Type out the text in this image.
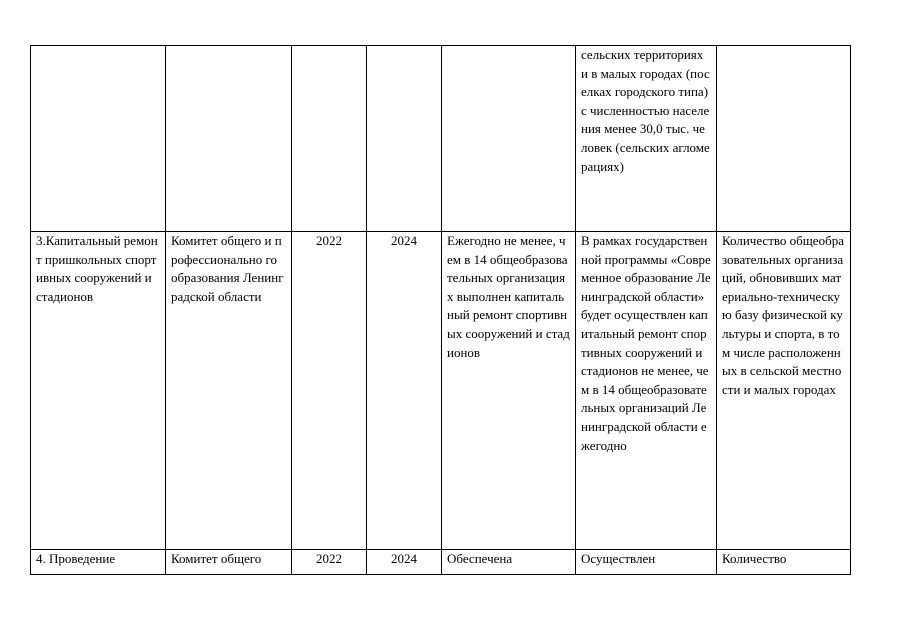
					сельских территориях и в малых городах (поселках городского типа) с численностью населения менее 30,0 тыс. человек (сельских агломерациях)	
3.Капитальный ремонт пришкольных спортивных сооружений и стадионов	Комитет общего и профессионально го образования Ленинградской области	2022	2024	Ежегодно не менее, чем в 14 общеобразовательных организациях выполнен капитальный ремонт спортивных сооружений и стадионов	В рамках государственной программы «Современное образование Ленинградской области» будет осуществлен капитальный ремонт спортивных сооружений и стадионов не менее, чем в 14 общеобразовательных организаций Ленинградской области ежегодно	Количество общеобразовательных организаций, обновивших материально-техническую базу физической культуры и спорта, в том числе расположенных в сельской местности и малых городах
4. Проведение	Комитет общего	2022	2024	Обеспечена	Осуществлен	Количество
